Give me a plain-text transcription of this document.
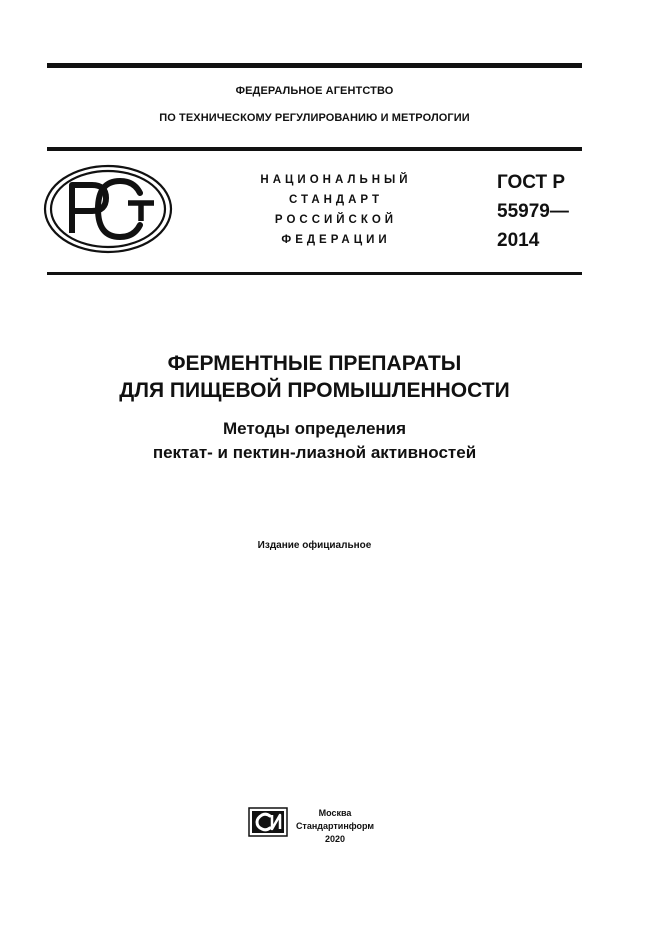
ФЕДЕРАЛЬНОЕ АГЕНТСТВО
ПО ТЕХНИЧЕСКОМУ РЕГУЛИРОВАНИЮ И МЕТРОЛОГИИ
НАЦИОНАЛЬНЫЙ
СТАНДАРТ
РОССИЙСКОЙ
ФЕДЕРАЦИИ
ГОСТ Р
55979—
2014
ФЕРМЕНТНЫЕ ПРЕПАРАТЫ
ДЛЯ ПИЩЕВОЙ ПРОМЫШЛЕННОСТИ
Методы определения
пектат- и пектин-лиазной активностей
Издание официальное
Москва
Стандартинформ
2020
